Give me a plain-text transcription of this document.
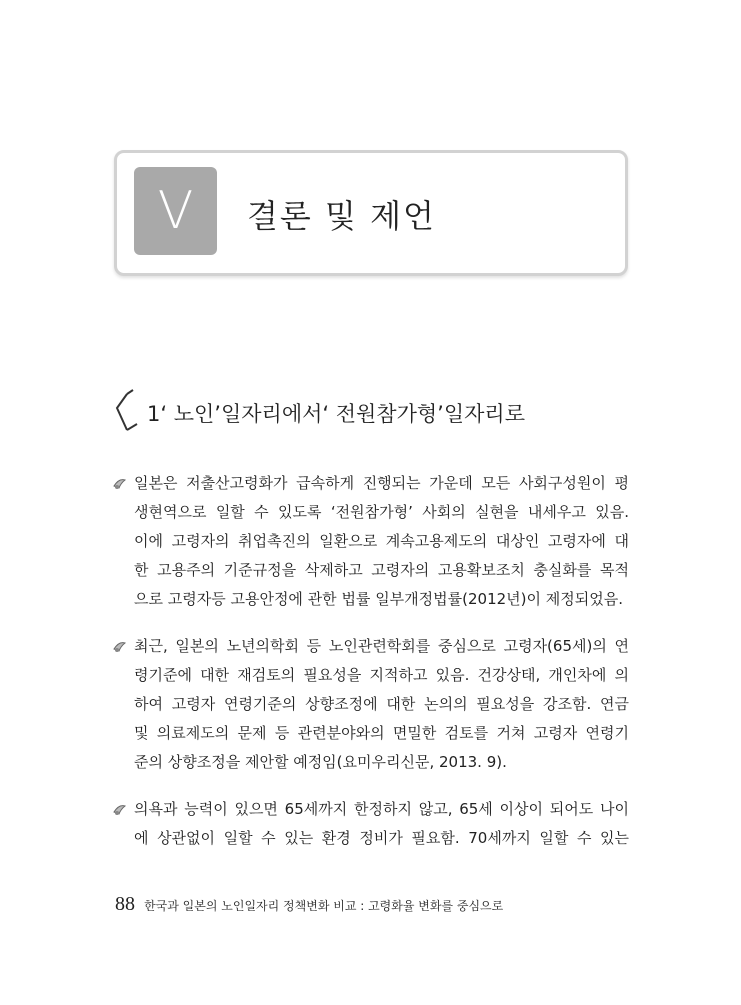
V	결론 및 제언
1‘ 노인’일자리에서‘ 전원참가형’일자리로
일본은 저출산고령화가 급속하게 진행되는 가운데 모든 사회구성원이 평
생현역으로 일할 수 있도록 ‘전원참가형’ 사회의 실현을 내세우고 있음.
이에 고령자의 취업촉진의 일환으로 계속고용제도의 대상인 고령자에 대
한 고용주의 기준규정을 삭제하고 고령자의 고용확보조치 충실화를 목적
으로 고령자등 고용안정에 관한 법률 일부개정법률(2012년)이 제정되었음.
최근, 일본의 노년의학회 등 노인관련학회를 중심으로 고령자(65세)의 연
령기준에 대한 재검토의 필요성을 지적하고 있음. 건강상태, 개인차에 의
하여 고령자 연령기준의 상향조정에 대한 논의의 필요성을 강조함. 연금
및 의료제도의 문제 등 관련분야와의 면밀한 검토를 거쳐 고령자 연령기
준의 상향조정을 제안할 예정임(요미우리신문, 2013. 9).
의욕과 능력이 있으면 65세까지 한정하지 않고, 65세 이상이 되어도 나이
에 상관없이 일할 수 있는 환경 정비가 필요함. 70세까지 일할 수 있는
88 한국과 일본의 노인일자리 정책변화 비교 : 고령화율 변화를 중심으로
